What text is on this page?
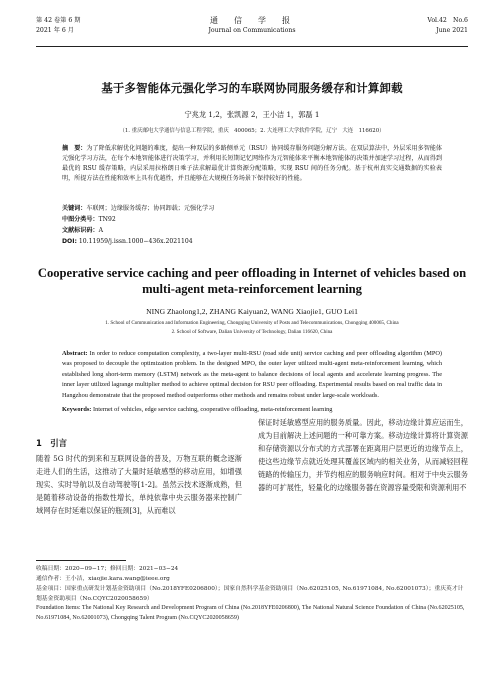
第 42 卷第 6 期
2021 年 6 月
通　信　学　报
Journal on Communications
Vol.42　No.6
June 2021
基于多智能体元强化学习的车联网协同服务缓存和计算卸载
宁兆龙 1,2，张凯源 2，王小洁 1，郭磊 1
（1. 重庆邮电大学通信与信息工程学院，重庆　400065；2. 大连理工大学软件学院，辽宁　大连　116620）
摘　要：为了降低求解优化问题的难度，提出一种双层的多路侧单元（RSU）协同缓存服务问题分解方法。在双层算法中，外层采用多智能体元强化学习方法，在每个本地智能体进行决策学习，并利用长短期记忆网络作为元智能体来平衡本地智能体的决策并加速学习过程，从而得到最优的 RSU 缓存策略，内层采用拉格朗日乘子法求解最优计算资源分配策略，实现 RSU 间的任务分配。基于杭州真实交通数据的实验表明，所提方法在性能和效率上具有优越性，并且能够在大规模任务场景下保持较好的性能。
关键词：车联网；边缘服务缓存；协同卸载；元强化学习
中图分类号：TN92
文献标识码：A
DOI: 10.11959/j.issn.1000−436x.2021104
Cooperative service caching and peer offloading in Internet of vehicles based on multi-agent meta-reinforcement learning
NING Zhaolong1,2, ZHANG Kaiyuan2, WANG Xiaojie1, GUO Lei1
1. School of Communication and Information Engineering, Chongqing University of Posts and Telecommunications, Chongqing 400065, China
2. School of Software, Dalian University of Technology, Dalian 116620, China
Abstract: In order to reduce computation complexity, a two-layer multi-RSU (road side unit) service caching and peer offloading algorithm (MPO) was proposed to decouple the optimization problem. In the designed MPO, the outer layer utilized multi-agent meta-reinforcement learning, which established long short-term memory (LSTM) network as the meta-agent to balance decisions of local agents and accelerate learning progress. The inner layer utilized lagrange multiplier method to achieve optimal decision for RSU peer offloading. Experimental results based on real traffic data in Hangzhou demonstrate that the proposed method outperforms other methods and remains robust under large-scale workloads.
Keywords: Internet of vehicles, edge service caching, cooperative offloading, meta-reinforcement learning
1　引言
随着 5G 时代的到来和互联网设备的普及，万物互联的概念逐渐走进人们的生活，这推动了大量时延敏感型的移动应用，如增强现实、实时导航以及自动驾驶等[1-2]。虽然云技术逐渐成熟，但是随着移动设备的指数性增长，单纯依靠中央云服务器来控制广域网存在时延难以保证的瓶颈[3]，从而难以
保证时延敏感型应用的服务质量。因此，移动边缘计算应运而生，成为目前解决上述问题的一种可靠方案。移动边缘计算将计算资源和存储资源以分布式的方式部署在距离用户层更近的边缘节点上，使这些边缘节点就近处理其覆盖区域内的相关业务，从而减轻回程链路的传输压力，并节约相应的服务响应时间。相对于中央云服务器的可扩展性，轻量化的边缘服务器在资源容量受限和资源利用不
收稿日期：2020−09−17；修回日期：2021−03−24
通信作者：王小洁，xiaojie.kara.wang@ieee.org
基金项目：国家重点研发计划基金资助项目（No.2018YFE0206800）；国家自然科学基金资助项目（No.62025105, No.61971084, No.62001073）；重庆英才计划基金资助项目（No.CQYC2020058659）
Foundation Items: The National Key Research and Development Program of China (No.2018YFE0206800), The National Natural Science Foundation of China (No.62025105, No.61971084, No.62001073), Chongqing Talent Program (No.CQYC2020058659)
